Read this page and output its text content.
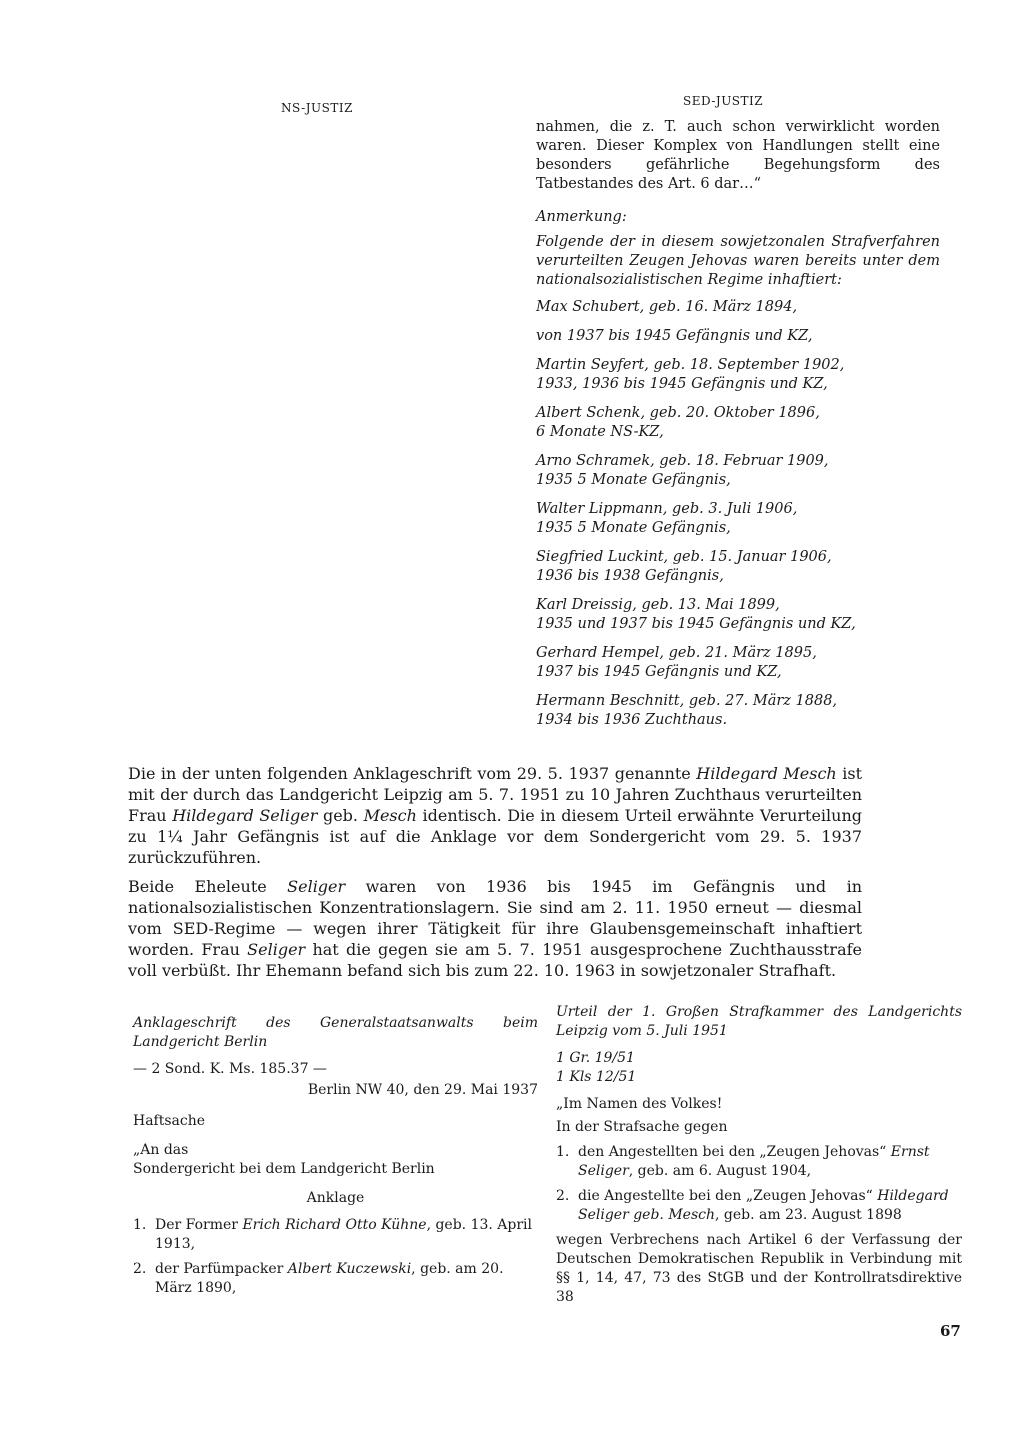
NS-JUSTIZ	SED-JUSTIZ
nahmen, die z. T. auch schon verwirklicht worden waren. Dieser Komplex von Handlungen stellt eine besonders gefährliche Begehungsform des Tatbestandes des Art. 6 dar…“
Anmerkung:
Folgende der in diesem sowjetzonalen Strafverfahren verurteilten Zeugen Jehovas waren bereits unter dem nationalsozialistischen Regime inhaftiert:
Max Schubert, geb. 16. März 1894,
von 1937 bis 1945 Gefängnis und KZ,
Martin Seyfert, geb. 18. September 1902,
1933, 1936 bis 1945 Gefängnis und KZ,
Albert Schenk, geb. 20. Oktober 1896,
6 Monate NS-KZ,
Arno Schramek, geb. 18. Februar 1909,
1935 5 Monate Gefängnis,
Walter Lippmann, geb. 3. Juli 1906,
1935 5 Monate Gefängnis,
Siegfried Luckint, geb. 15. Januar 1906,
1936 bis 1938 Gefängnis,
Karl Dreissig, geb. 13. Mai 1899,
1935 und 1937 bis 1945 Gefängnis und KZ,
Gerhard Hempel, geb. 21. März 1895,
1937 bis 1945 Gefängnis und KZ,
Hermann Beschnitt, geb. 27. März 1888,
1934 bis 1936 Zuchthaus.

Die in der unten folgenden Anklageschrift vom 29. 5. 1937 genannte Hildegard Mesch ist mit der durch das Landgericht Leipzig am 5. 7. 1951 zu 10 Jahren Zuchthaus verurteilten Frau Hildegard Seliger geb. Mesch identisch. Die in diesem Urteil erwähnte Verurteilung zu 1¼ Jahr Gefängnis ist auf die Anklage vor dem Sondergericht vom 29. 5. 1937 zurückzuführen.

Beide Eheleute Seliger waren von 1936 bis 1945 im Gefängnis und in nationalsozialistischen Konzentrationslagern. Sie sind am 2. 11. 1950 erneut — diesmal vom SED-Regime — wegen ihrer Tätigkeit für ihre Glaubensgemeinschaft inhaftiert worden. Frau Seliger hat die gegen sie am 5. 7. 1951 ausgesprochene Zuchthausstrafe voll verbüßt. Ihr Ehemann befand sich bis zum 22. 10. 1963 in sowjetzonaler Strafhaft.

Anklageschrift des Generalstaatsanwalts beim Landgericht Berlin
— 2 Sond. K. Ms. 185.37 —
Berlin NW 40, den 29. Mai 1937
Haftsache
„An das
Sondergericht bei dem Landgericht Berlin
Anklage
1. Der Former Erich Richard Otto Kühne, geb. 13. April 1913,
2. der Parfümpacker Albert Kuczewski, geb. am 20. März 1890,
Urteil der 1. Großen Strafkammer des Landgerichts Leipzig vom 5. Juli 1951
1 Gr. 19/51
1 Kls 12/51
„Im Namen des Volkes!
In der Strafsache gegen
1. den Angestellten bei den „Zeugen Jehovas“ Ernst Seliger, geb. am 6. August 1904,
2. die Angestellte bei den „Zeugen Jehovas“ Hildegard Seliger geb. Mesch, geb. am 23. August 1898
wegen Verbrechens nach Artikel 6 der Verfassung der Deutschen Demokratischen Republik in Verbindung mit §§ 1, 14, 47, 73 des StGB und der Kontrollratsdirektive 38
67
